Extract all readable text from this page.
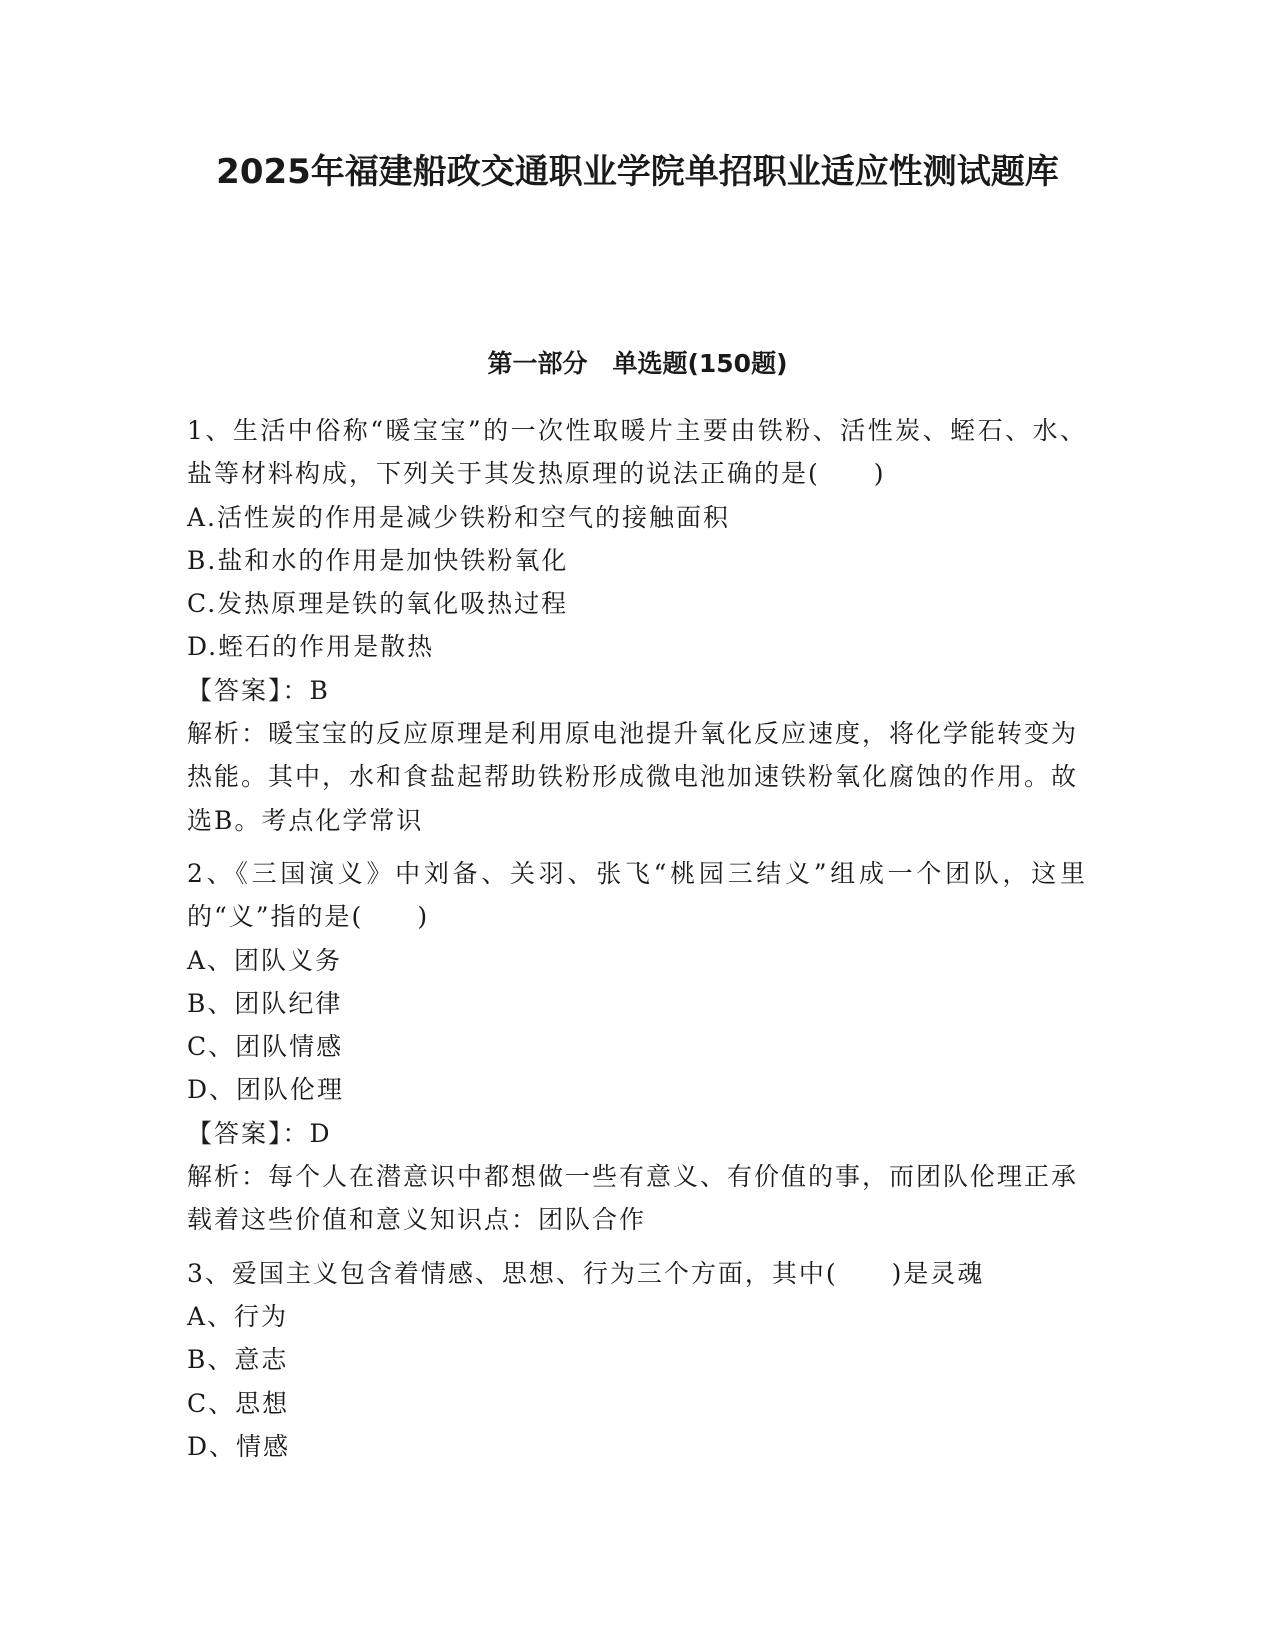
2025年福建船政交通职业学院单招职业适应性测试题库
第一部分　单选题(150题)

1、生活中俗称“暖宝宝”的一次性取暖片主要由铁粉、活性炭、蛭石、水、盐等材料构成，下列关于其发热原理的说法正确的是(　　)

A.活性炭的作用是减少铁粉和空气的接触面积

B.盐和水的作用是加快铁粉氧化

C.发热原理是铁的氧化吸热过程

D.蛭石的作用是散热

【答案】：B

解析：暖宝宝的反应原理是利用原电池提升氧化反应速度，将化学能转变为热能。其中，水和食盐起帮助铁粉形成微电池加速铁粉氧化腐蚀的作用。故选B。考点化学常识

2、《三国演义》中刘备、关羽、张飞“桃园三结义”组成一个团队，这里的“义”指的是(　　)

A、团队义务

B、团队纪律

C、团队情感

D、团队伦理

【答案】：D

解析：每个人在潜意识中都想做一些有意义、有价值的事，而团队伦理正承载着这些价值和意义知识点：团队合作

3、爱国主义包含着情感、思想、行为三个方面，其中(　　)是灵魂

A、行为

B、意志

C、思想

D、情感
